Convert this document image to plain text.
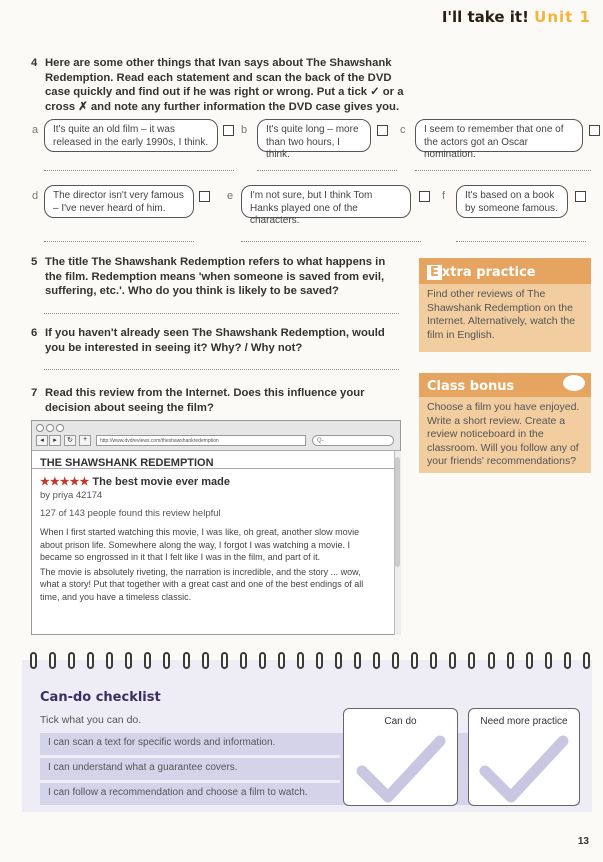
I'll take it! Unit 1
4 Here are some other things that Ivan says about The Shawshank Redemption. Read each statement and scan the back of the DVD case quickly and find out if he was right or wrong. Put a tick ✓ or a cross ✗ and note any further information the DVD case gives you.
a	It's quite an old film – it was released in the early 1990s, I think.
b	It's quite long – more than two hours, I think.
c	I seem to remember that one of the actors got an Oscar nomination.
d	The director isn't very famous – I've never heard of him.
e	I'm not sure, but I think Tom Hanks played one of the characters.
f	It's based on a book by someone famous.
5 The title The Shawshank Redemption refers to what happens in the film. Redemption means 'when someone is saved from evil, suffering, etc.'. Who do you think is likely to be saved?
6 If you haven't already seen The Shawshank Redemption, would you be interested in seeing it? Why? / Why not?
7 Read this review from the Internet. Does this influence your decision about seeing the film?
E xtra practice
Find other reviews of The Shawshank Redemption on the Internet. Alternatively, watch the film in English.
Class bonus
Choose a film you have enjoyed. Write a short review. Create a review noticeboard in the classroom. Will you follow any of your friends' recommendations?
◂	▸	↻	+	http://www.dvdreviews.com/theshawshankredemption	Q-
THE SHAWSHANK REDEMPTION
★★★★★ The best movie ever made
by priya 42174
127 of 143 people found this review helpful
When I first started watching this movie, I was like, oh great, another slow movie about prison life. Somewhere along the way, I forgot I was watching a movie. I became so engrossed in it that I felt like I was in the film, and part of it.
The movie is absolutely riveting, the narration is incredible, and the story ... wow, what a story! Put that together with a great cast and one of the best endings of all time, and you have a timeless classic.
Can-do checklist
Tick what you can do.
I can scan a text for specific words and information.
I can understand what a guarantee covers.
I can follow a recommendation and choose a film to watch.
Can do	Need more practice
13
